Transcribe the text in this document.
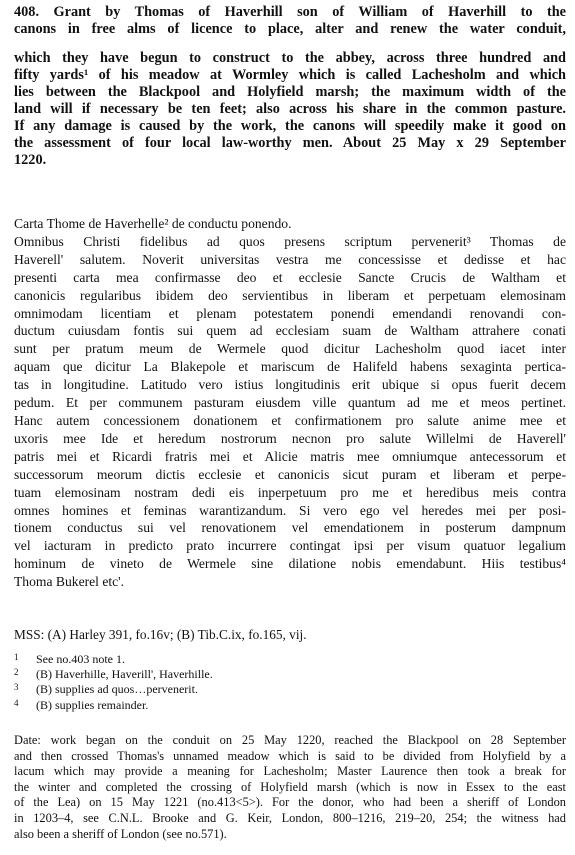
408. Grant by Thomas of Haverhill son of William of Haverhill to the
canons in free alms of licence to place, alter and renew the water conduit,
which they have begun to construct to the abbey, across three hundred and
fifty yards¹ of his meadow at Wormley which is called Lachesholm and which
lies between the Blackpool and Holyfield marsh; the maximum width of the
land will if necessary be ten feet; also across his share in the common pasture.
If any damage is caused by the work, the canons will speedily make it good on
the assessment of four local law-worthy men. About 25 May x 29 September
1220.
Carta Thome de Haverhelle² de conductu ponendo.
Omnibus Christi fidelibus ad quos presens scriptum pervenerit³ Thomas de
Haverell' salutem. Noverit universitas vestra me concessisse et dedisse et hac
presenti carta mea confirmasse deo et ecclesie Sancte Crucis de Waltham et
canonicis regularibus ibidem deo servientibus in liberam et perpetuam elemosinam
omnimodam licentiam et plenam potestatem ponendi emendandi renovandi con-
ductum cuiusdam fontis sui quem ad ecclesiam suam de Waltham attrahere conati
sunt per pratum meum de Wermele quod dicitur Lachesholm quod iacet inter
aquam que dicitur La Blakepole et mariscum de Halifeld habens sexaginta pertica-
tas in longitudine. Latitudo vero istius longitudinis erit ubique si opus fuerit decem
pedum. Et per communem pasturam eiusdem ville quantum ad me et meos pertinet.
Hanc autem concessionem donationem et confirmationem pro salute anime mee et
uxoris mee Ide et heredum nostrorum necnon pro salute Willelmi de Haverell'
patris mei et Ricardi fratris mei et Alicie matris mee omniumque antecessorum et
successorum meorum dictis ecclesie et canonicis sicut puram et liberam et perpe-
tuam elemosinam nostram dedi eis inperpetuum pro me et heredibus meis contra
omnes homines et feminas warantizandum. Si vero ego vel heredes mei per posi-
tionem conductus sui vel renovationem vel emendationem in posterum dampnum
vel iacturam in predicto prato incurrere contingat ipsi per visum quatuor legalium
hominum de vineto de Wermele sine dilatione nobis emendabunt. Hiis testibus⁴
Thoma Bukerel etc'.
MSS: (A) Harley 391, fo.16v; (B) Tib.C.ix, fo.165, vij.
1	See no.403 note 1.
2	(B) Haverhille, Haverill', Haverhille.
3	(B) supplies ad quos…pervenerit.
4	(B) supplies remainder.
Date: work began on the conduit on 25 May 1220, reached the Blackpool on 28 September
and then crossed Thomas's unnamed meadow which is said to be divided from Holyfield by a
lacum which may provide a meaning for Lachesholm; Master Laurence then took a break for
the winter and completed the crossing of Holyfield marsh (which is now in Essex to the east
of the Lea) on 15 May 1221 (no.413<5>). For the donor, who had been a sheriff of London
in 1203–4, see C.N.L. Brooke and G. Keir, London, 800–1216, 219–20, 254; the witness had
also been a sheriff of London (see no.571).
